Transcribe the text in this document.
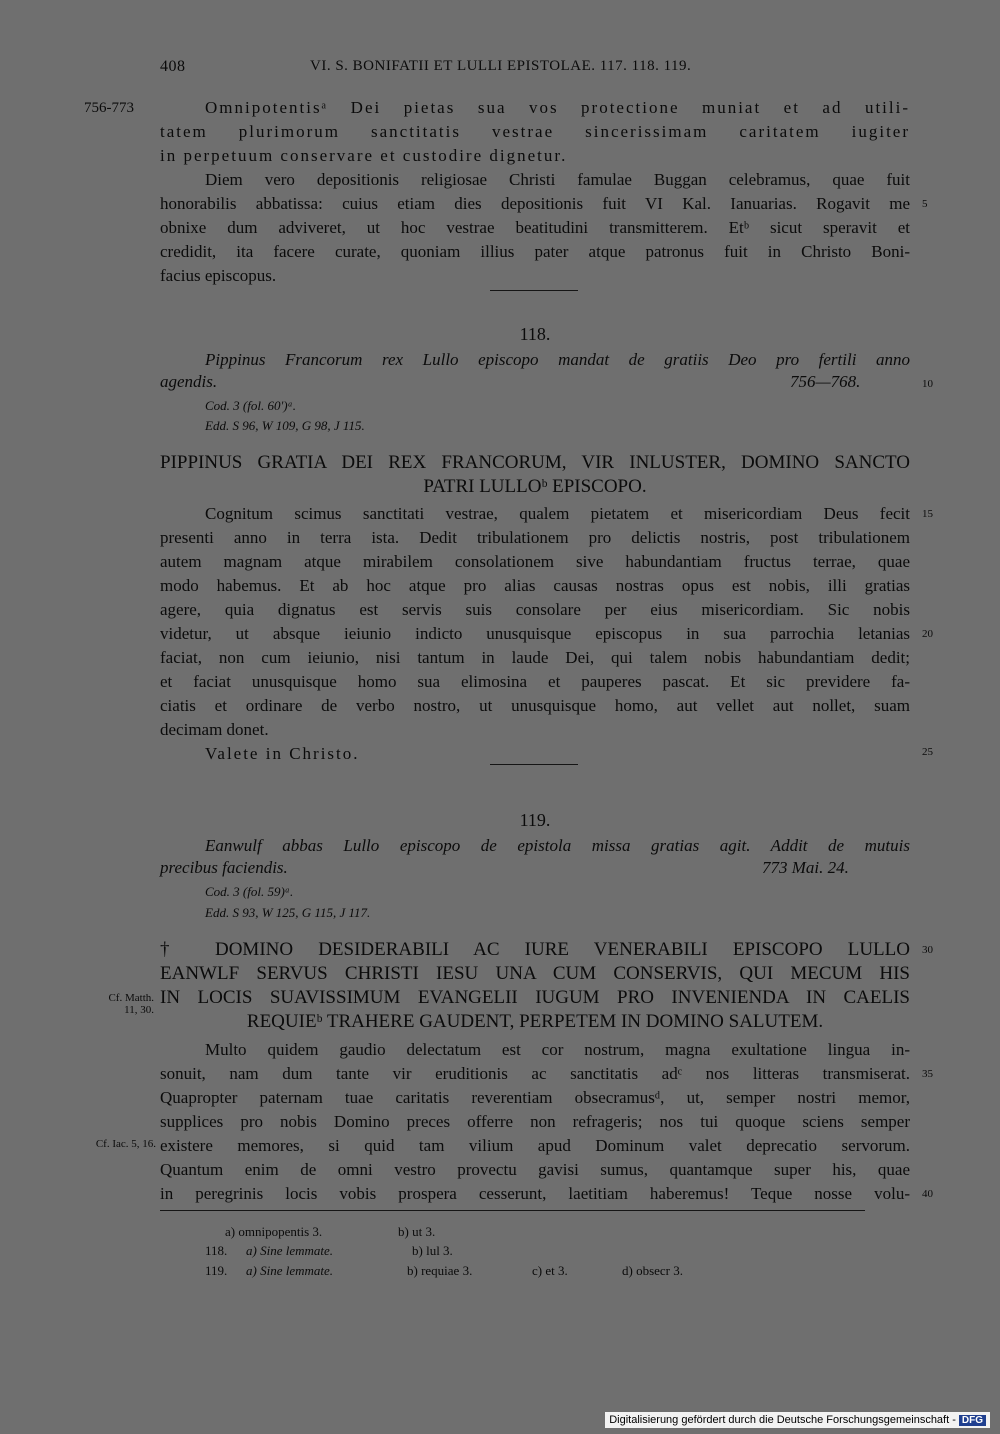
408	VI. S. BONIFATII ET LULLI EPISTOLAE. 117. 118. 119.
756-773	Omnipotentisᵃ Dei pietas sua vos protectione muniat et ad utili-
tatem plurimorum sanctitatis vestrae sincerissimam caritatem iugiter
in perpetuum conservare et custodire dignetur.
Diem vero depositionis religiosae Christi famulae Buggan celebramus, quae fuit
honorabilis abbatissa: cuius etiam dies depositionis fuit VI Kal. Ianuarias. Rogavit me
obnixe dum adviveret, ut hoc vestrae beatitudini transmitterem. Etᵇ sicut speravit et
credidit, ita facere curate, quoniam illius pater atque patronus fuit in Christo Boni-
facius episcopus.
118.
Pippinus Francorum rex Lullo episcopo mandat de gratiis Deo pro fertili anno
agendis.	756—768.
Cod. 3 (fol. 60')ᵃ.
Edd. S 96, W 109, G 98, J 115.
PIPPINUS GRATIA DEI REX FRANCORUM, VIR INLUSTER, DOMINO SANCTO
PATRI LULLOᵇ EPISCOPO.
Cognitum scimus sanctitati vestrae, qualem pietatem et misericordiam Deus fecit
presenti anno in terra ista. Dedit tribulationem pro delictis nostris, post tribulationem
autem magnam atque mirabilem consolationem sive habundantiam fructus terrae, quae
modo habemus. Et ab hoc atque pro alias causas nostras opus est nobis, illi gratias
agere, quia dignatus est servis suis consolare per eius misericordiam. Sic nobis
videtur, ut absque ieiunio indicto unusquisque episcopus in sua parrochia letanias
faciat, non cum ieiunio, nisi tantum in laude Dei, qui talem nobis habundantiam dedit;
et faciat unusquisque homo sua elimosina et pauperes pascat. Et sic previdere fa-
ciatis et ordinare de verbo nostro, ut unusquisque homo, aut vellet aut nollet, suam
decimam donet.
Valete in Christo.
119.
Eanwulf abbas Lullo episcopo de epistola missa gratias agit. Addit de mutuis
precibus faciendis.	773 Mai. 24.
Cod. 3 (fol. 59)ᵃ.
Edd. S 93, W 125, G 115, J 117.
† DOMINO DESIDERABILI AC IURE VENERABILI EPISCOPO LULLO
EANWLF SERVUS CHRISTI IESU UNA CUM CONSERVIS, QUI MECUM HIS
IN LOCIS SUAVISSIMUM EVANGELII IUGUM PRO INVENIENDA IN CAELIS
REQUIEᵇ TRAHERE GAUDENT, PERPETEM IN DOMINO SALUTEM.
Cf. Matth.
11, 30.
Multo quidem gaudio delectatum est cor nostrum, magna exultatione lingua in-
sonuit, nam dum tante vir eruditionis ac sanctitatis adᶜ nos litteras transmiserat.
Quapropter paternam tuae caritatis reverentiam obsecramusᵈ, ut, semper nostri memor,
supplices pro nobis Domino preces offerre non refrageris; nos tui quoque sciens semper
Cf. Iac. 5, 16. existere memores, si quid tam vilium apud Dominum valet deprecatio servorum.
Quantum enim de omni vestro provectu gavisi sumus, quantamque super his, quae
in peregrinis locis vobis prospera cesserunt, laetitiam haberemus! Teque nosse volu-
5
10
15
20
25
30
35
40
a) omnipopentis 3.	b) ut 3.
118. a) Sine lemmate.	b) lul 3.
119. a) Sine lemmate.	b) requiae 3.	c) et 3.	d) obsecr 3.
Digitalisierung gefördert durch die Deutsche Forschungsgemeinschaft - DFG
